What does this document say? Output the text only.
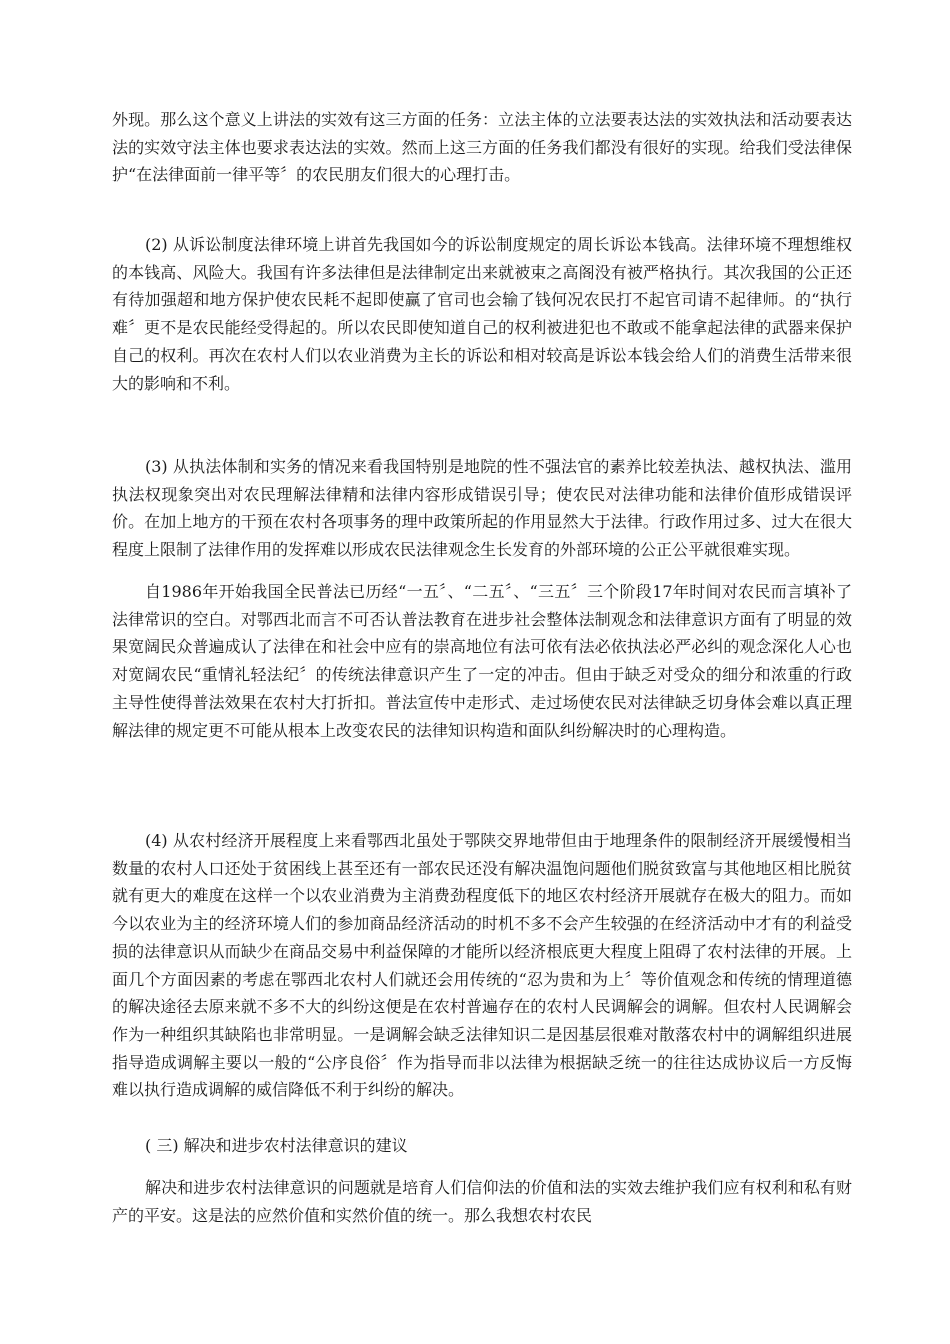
外现。那么这个意义上讲法的实效有这三方面的任务：立法主体的立法要表达法的实效执法和活动要表达法的实效守法主体也要求表达法的实效。然而上这三方面的任务我们都没有很好的实现。给我们受法律保护“在法律面前一律平等〞的农民朋友们很大的心理打击。

(2) 从诉讼制度法律环境上讲首先我国如今的诉讼制度规定的周长诉讼本钱高。法律环境不理想维权的本钱高、风险大。我国有许多法律但是法律制定出来就被束之高阁没有被严格执行。其次我国的公正还有待加强超和地方保护使农民耗不起即使赢了官司也会输了钱何况农民打不起官司请不起律师。的“执行难〞更不是农民能经受得起的。所以农民即使知道自己的权利被进犯也不敢或不能拿起法律的武器来保护自己的权利。再次在农村人们以农业消费为主长的诉讼和相对较高是诉讼本钱会给人们的消费生活带来很大的影响和不利。

(3) 从执法体制和实务的情况来看我国特别是地院的性不强法官的素养比较差执法、越权执法、滥用执法权现象突出对农民理解法律精和法律内容形成错误引导；使农民对法律功能和法律价值形成错误评价。在加上地方的干预在农村各项事务的理中政策所起的作用显然大于法律。行政作用过多、过大在很大程度上限制了法律作用的发挥难以形成农民法律观念生长发育的外部环境的公正公平就很难实现。

自1986年开始我国全民普法已历经“一五〞、“二五〞、“三五〞三个阶段17年时间对农民而言填补了法律常识的空白。对鄂西北而言不可否认普法教育在进步社会整体法制观念和法律意识方面有了明显的效果宽阔民众普遍成认了法律在和社会中应有的崇高地位有法可依有法必依执法必严必纠的观念深化人心也对宽阔农民“重情礼轻法纪〞的传统法律意识产生了一定的冲击。但由于缺乏对受众的细分和浓重的行政主导性使得普法效果在农村大打折扣。普法宣传中走形式、走过场使农民对法律缺乏切身体会难以真正理解法律的规定更不可能从根本上改变农民的法律知识构造和面队纠纷解决时的心理构造。

(4) 从农村经济开展程度上来看鄂西北虽处于鄂陕交界地带但由于地理条件的限制经济开展缓慢相当数量的农村人口还处于贫困线上甚至还有一部农民还没有解决温饱问题他们脱贫致富与其他地区相比脱贫就有更大的难度在这样一个以农业消费为主消费劲程度低下的地区农村经济开展就存在极大的阻力。而如今以农业为主的经济环境人们的参加商品经济活动的时机不多不会产生较强的在经济活动中才有的利益受损的法律意识从而缺少在商品交易中利益保障的才能所以经济根底更大程度上阻碍了农村法律的开展。上面几个方面因素的考虑在鄂西北农村人们就还会用传统的“忍为贵和为上〞等价值观念和传统的情理道德的解决途径去原来就不多不大的纠纷这便是在农村普遍存在的农村人民调解会的调解。但农村人民调解会作为一种组织其缺陷也非常明显。一是调解会缺乏法律知识二是因基层很难对散落农村中的调解组织进展指导造成调解主要以一般的“公序良俗〞作为指导而非以法律为根据缺乏统一的往往达成协议后一方反悔难以执行造成调解的威信降低不利于纠纷的解决。

( 三) 解决和进步农村法律意识的建议

解决和进步农村法律意识的问题就是培育人们信仰法的价值和法的实效去维护我们应有权利和私有财产的平安。这是法的应然价值和实然价值的统一。那么我想农村农民
